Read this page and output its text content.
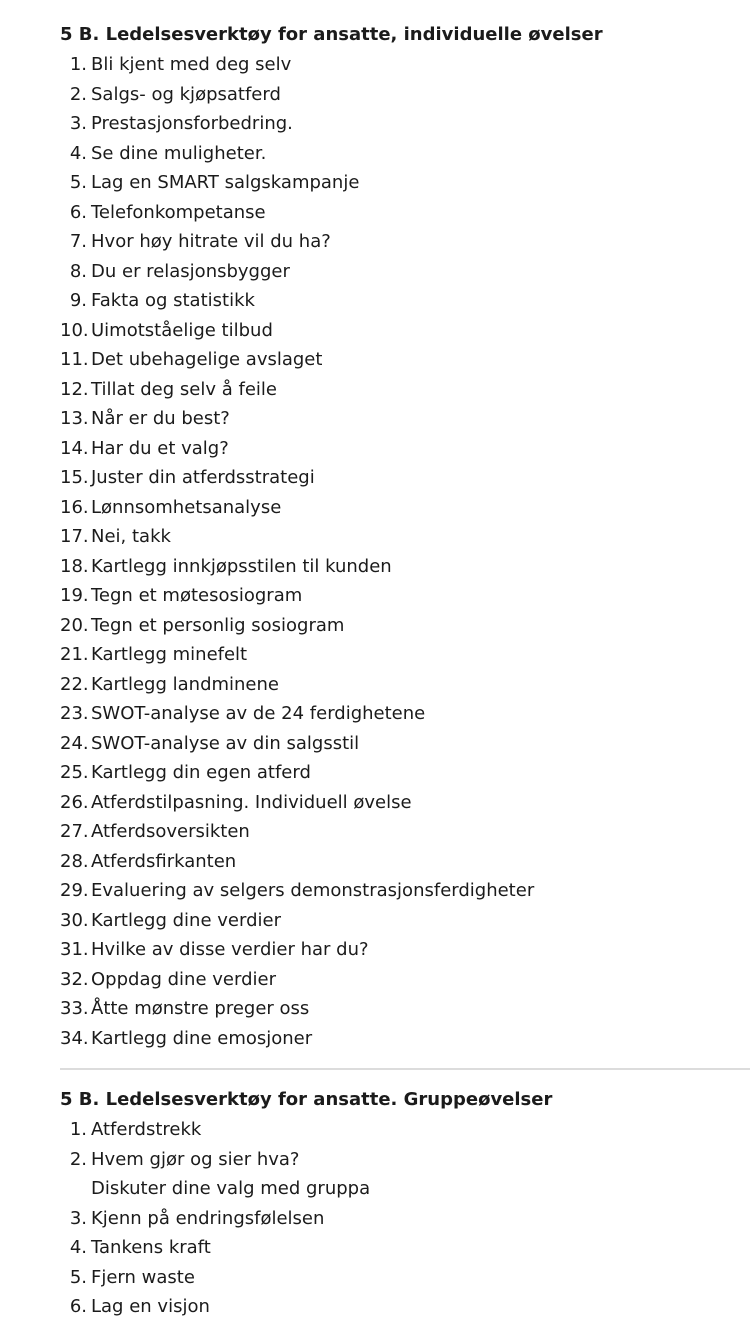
5 B. Ledelsesverktøy for ansatte, individuelle øvelser
1. Bli kjent med deg selv
2. Salgs- og kjøpsatferd
3. Prestasjonsforbedring.
4. Se dine muligheter.
5. Lag en SMART salgskampanje
6. Telefonkompetanse
7. Hvor høy hitrate vil du ha?
8. Du er relasjonsbygger
9. Fakta og statistikk
10. Uimotståelige tilbud
11. Det ubehagelige avslaget
12. Tillat deg selv å feile
13. Når er du best?
14. Har du et valg?
15. Juster din atferdsstrategi
16. Lønnsomhetsanalyse
17. Nei, takk
18. Kartlegg innkjøpsstilen til kunden
19. Tegn et møtesosiogram
20. Tegn et personlig sosiogram
21. Kartlegg minefelt
22. Kartlegg landminene
23. SWOT-analyse av de 24 ferdighetene
24. SWOT-analyse av din salgsstil
25. Kartlegg din egen atferd
26. Atferdstilpasning. Individuell øvelse
27. Atferdsoversikten
28. Atferdsfirkanten
29. Evaluering av selgers demonstrasjonsferdigheter
30. Kartlegg dine verdier
31. Hvilke av disse verdier har du?
32. Oppdag dine verdier
33. Åtte mønstre preger oss
34. Kartlegg dine emosjoner
5 B. Ledelsesverktøy for ansatte. Gruppeøvelser
1. Atferdstrekk
2. Hvem gjør og sier hva?
Diskuter dine valg med gruppa
3. Kjenn på endringsfølelsen
4. Tankens kraft
5. Fjern waste
6. Lag en visjon
